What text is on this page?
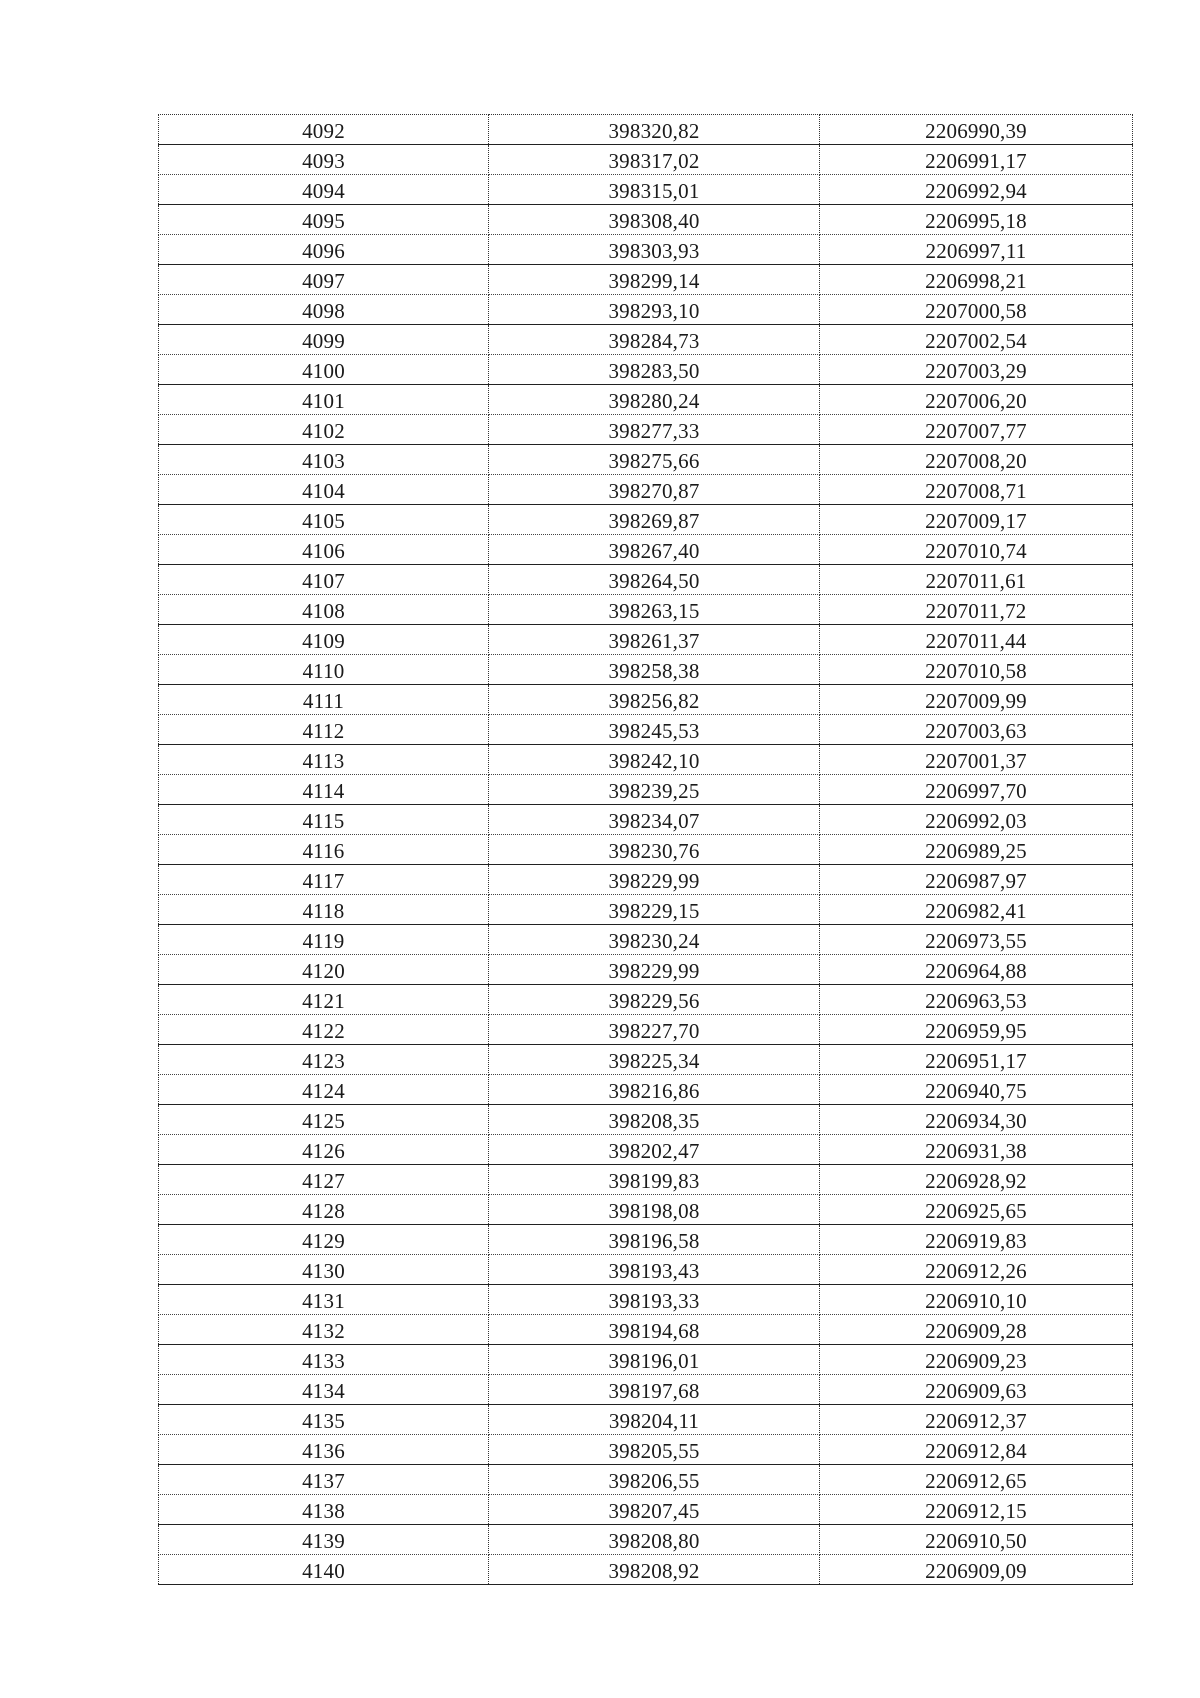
4092	398320,82	2206990,39
4093	398317,02	2206991,17
4094	398315,01	2206992,94
4095	398308,40	2206995,18
4096	398303,93	2206997,11
4097	398299,14	2206998,21
4098	398293,10	2207000,58
4099	398284,73	2207002,54
4100	398283,50	2207003,29
4101	398280,24	2207006,20
4102	398277,33	2207007,77
4103	398275,66	2207008,20
4104	398270,87	2207008,71
4105	398269,87	2207009,17
4106	398267,40	2207010,74
4107	398264,50	2207011,61
4108	398263,15	2207011,72
4109	398261,37	2207011,44
4110	398258,38	2207010,58
4111	398256,82	2207009,99
4112	398245,53	2207003,63
4113	398242,10	2207001,37
4114	398239,25	2206997,70
4115	398234,07	2206992,03
4116	398230,76	2206989,25
4117	398229,99	2206987,97
4118	398229,15	2206982,41
4119	398230,24	2206973,55
4120	398229,99	2206964,88
4121	398229,56	2206963,53
4122	398227,70	2206959,95
4123	398225,34	2206951,17
4124	398216,86	2206940,75
4125	398208,35	2206934,30
4126	398202,47	2206931,38
4127	398199,83	2206928,92
4128	398198,08	2206925,65
4129	398196,58	2206919,83
4130	398193,43	2206912,26
4131	398193,33	2206910,10
4132	398194,68	2206909,28
4133	398196,01	2206909,23
4134	398197,68	2206909,63
4135	398204,11	2206912,37
4136	398205,55	2206912,84
4137	398206,55	2206912,65
4138	398207,45	2206912,15
4139	398208,80	2206910,50
4140	398208,92	2206909,09
